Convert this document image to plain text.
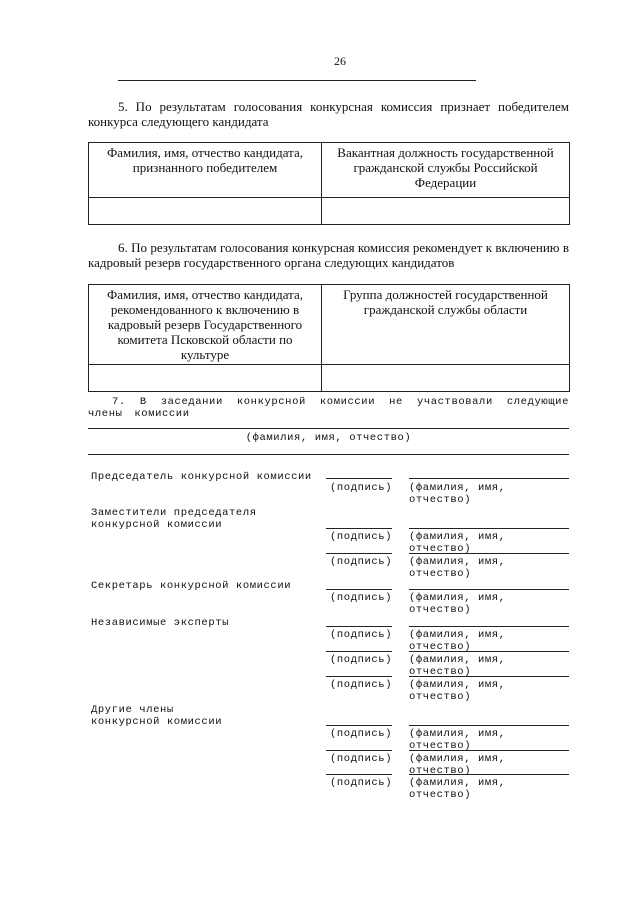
26
5. По результатам голосования конкурсная комиссия признает победителем конкурса следующего кандидата
Фамилия, имя, отчество кандидата, признанного победителем	Вакантная должность государственной гражданской службы Российской Федерации

6. По результатам голосования конкурсная комиссия рекомендует к включению в кадровый резерв государственного органа следующих кандидатов
Фамилия, имя, отчество кандидата, рекомендованного к включению в кадровый резерв Государственного комитета Псковской области по культуре	Группа должностей государственной гражданской службы области

7. В заседании конкурсной комиссии не участвовали следующие члены комиссии
(фамилия, имя, отчество)
Председатель конкурсной комиссии
(подпись)	(фамилия, имя, отчество)
Заместители председателя
конкурсной комиссии
(подпись)	(фамилия, имя, отчество)
(подпись)	(фамилия, имя, отчество)
Секретарь конкурсной комиссии
(подпись)	(фамилия, имя, отчество)
Независимые эксперты
(подпись)	(фамилия, имя, отчество)
(подпись)	(фамилия, имя, отчество)
(подпись)	(фамилия, имя, отчество)
Другие члены
конкурсной комиссии
(подпись)	(фамилия, имя, отчество)
(подпись)	(фамилия, имя, отчество)
(подпись)	(фамилия, имя, отчество)
